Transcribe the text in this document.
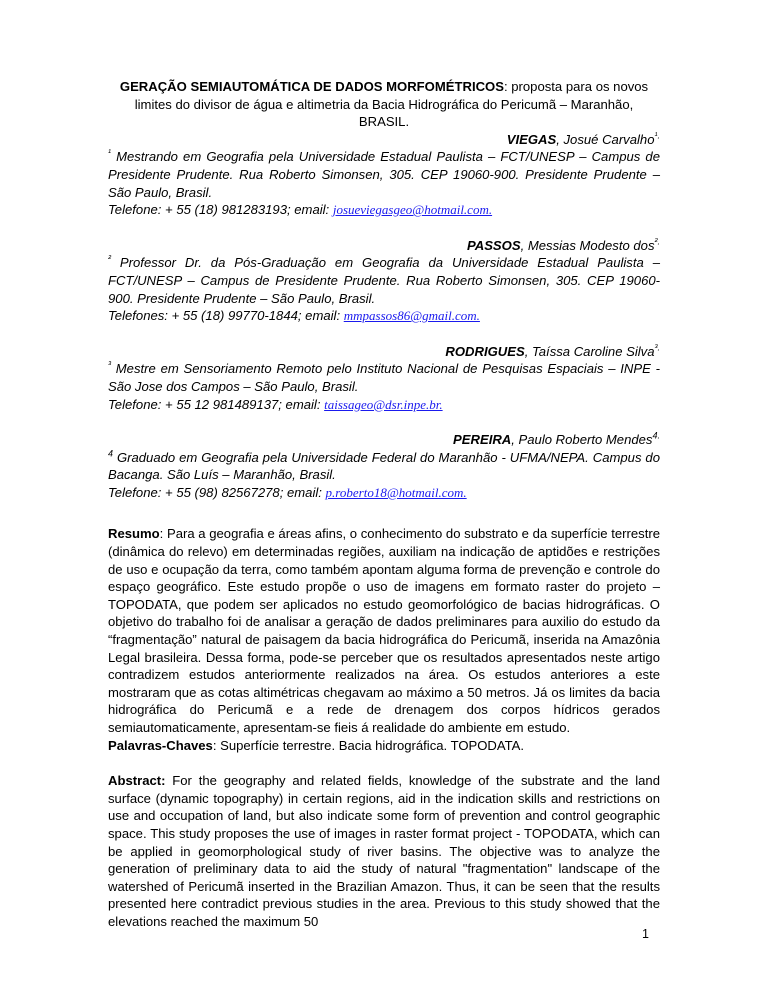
GERAÇÃO SEMIAUTOMÁTICA DE DADOS MORFOMÉTRICOS: proposta para os novos limites do divisor de água e altimetria da Bacia Hidrográfica do Pericumã – Maranhão, BRASIL.
VIEGAS, Josué Carvalho$^{^1.}$
$^{^1}$ Mestrando em Geografia pela Universidade Estadual Paulista – FCT/UNESP – Campus de Presidente Prudente. Rua Roberto Simonsen, 305. CEP 19060-900. Presidente Prudente – São Paulo, Brasil.
Telefone: + 55 (18) 981283193; email: josueviegasgeo@hotmail.com.
PASSOS, Messias Modesto dos$^{^2.}$
$^{^2}$ Professor Dr. da Pós-Graduação em Geografia da Universidade Estadual Paulista – FCT/UNESP – Campus de Presidente Prudente. Rua Roberto Simonsen, 305. CEP 19060-900. Presidente Prudente – São Paulo, Brasil.
Telefones: + 55 (18) 99770-1844; email: mmpassos86@gmail.com.
RODRIGUES, Taíssa Caroline Silva$^{^3.}$
$^{^3}$ Mestre em Sensoriamento Remoto pelo Instituto Nacional de Pesquisas Espaciais – INPE - São Jose dos Campos – São Paulo, Brasil.
Telefone: + 55 12 981489137; email: taissageo@dsr.inpe.br.
PEREIRA, Paulo Roberto Mendes$^{4.}$
$^4$ Graduado em Geografia pela Universidade Federal do Maranhão - UFMA/NEPA. Campus do Bacanga. São Luís – Maranhão, Brasil.
Telefone: + 55 (98) 82567278; email: p.roberto18@hotmail.com.
Resumo: Para a geografia e áreas afins, o conhecimento do substrato e da superfície terrestre (dinâmica do relevo) em determinadas regiões, auxiliam na indicação de aptidões e restrições de uso e ocupação da terra, como também apontam alguma forma de prevenção e controle do espaço geográfico. Este estudo propõe o uso de imagens em formato raster do projeto – TOPODATA, que podem ser aplicados no estudo geomorfológico de bacias hidrográficas. O objetivo do trabalho foi de analisar a geração de dados preliminares para auxilio do estudo da “fragmentação” natural de paisagem da bacia hidrográfica do Pericumã, inserida na Amazônia Legal brasileira. Dessa forma, pode-se perceber que os resultados apresentados neste artigo contradizem estudos anteriormente realizados na área. Os estudos anteriores a este mostraram que as cotas altimétricas chegavam ao máximo a 50 metros. Já os limites da bacia hidrográfica do Pericumã e a rede de drenagem dos corpos hídricos gerados semiautomaticamente, apresentam-se fieis á realidade do ambiente em estudo.
Palavras-Chaves: Superfície terrestre. Bacia hidrográfica. TOPODATA.
Abstract: For the geography and related fields, knowledge of the substrate and the land surface (dynamic topography) in certain regions, aid in the indication skills and restrictions on use and occupation of land, but also indicate some form of prevention and control geographic space. This study proposes the use of images in raster format project - TOPODATA, which can be applied in geomorphological study of river basins. The objective was to analyze the generation of preliminary data to aid the study of natural "fragmentation" landscape of the watershed of Pericumã inserted in the Brazilian Amazon. Thus, it can be seen that the results presented here contradict previous studies in the area. Previous to this study showed that the elevations reached the maximum 50
1
